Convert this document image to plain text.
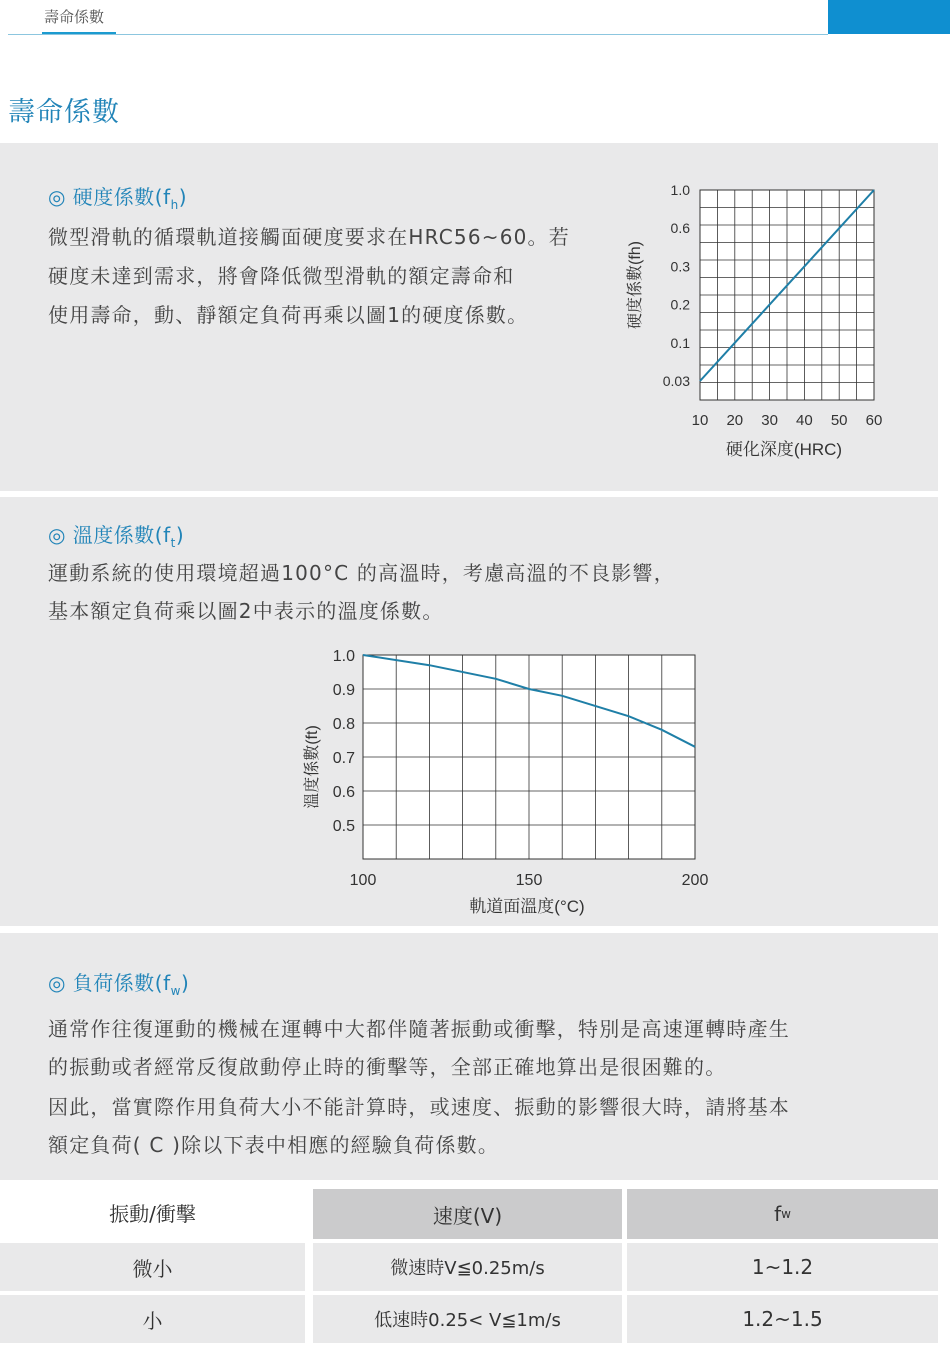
壽命係數
壽命係數
◎ 硬度係數$(f_h)$
微型滑軌的循環軌道接觸面硬度要求在HRC56~60。若
硬度未達到需求，將會降低微型滑軌的額定壽命和
使用壽命，動、靜額定負荷再乘以圖1的硬度係數。
0.03
0.1
0.2
0.3
0.6
1.0
10 20 30 40 50 60
硬化深度(HRC)
硬度係數(fh)
◎ 溫度係數$(f_t)$
運動系統的使用環境超過100°C 的高溫時，考慮高溫的不良影響，
基本額定負荷乘以圖2中表示的溫度係數。
0.5
0.6
0.7
0.8
0.9
1.0
100	150	200
軌道面溫度(°C)
溫度係數(ft)
◎ 負荷係數$(f_w)$
通常作往復運動的機械在運轉中大都伴隨著振動或衝擊，特別是高速運轉時產生
的振動或者經常反復啟動停止時的衝擊等，全部正確地算出是很困難的。
因此，當實際作用負荷大小不能計算時，或速度、振動的影響很大時，請將基本
額定負荷( C )除以下表中相應的經驗負荷係數。
振動/衝擊	速度(V)	f w
微小	微速時V≦0.25m/s	1~1.2
小	低速時0.25< V≦1m/s	1.2~1.5
